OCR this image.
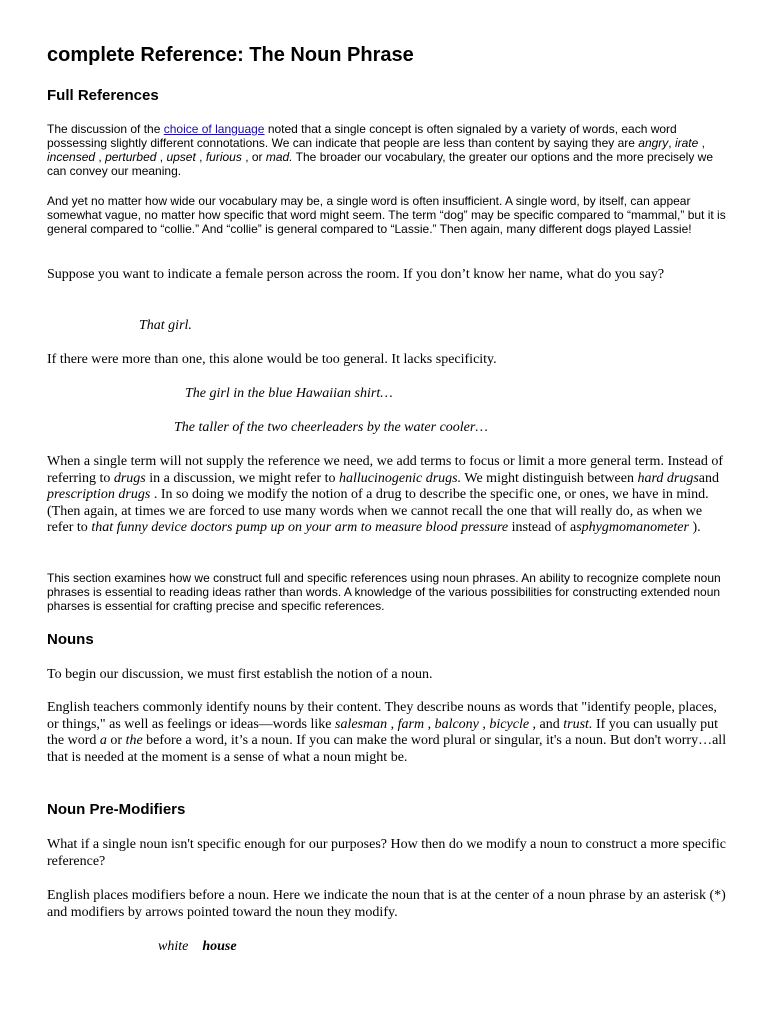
complete Reference: The Noun Phrase
Full References

The discussion of the choice of language noted that a single concept is often signaled by a variety of words, each word possessing slightly different connotations. We can indicate that people are less than content by saying they are angry, irate , incensed , perturbed , upset , furious , or mad. The broader our vocabulary, the greater our options and the more precisely we can convey our meaning.

And yet no matter how wide our vocabulary may be, a single word is often insufficient. A single word, by itself, can appear somewhat vague, no matter how specific that word might seem. The term “dog” may be specific compared to “mammal,” but it is general compared to “collie.” And “collie” is general compared to “Lassie.” Then again, many different dogs played Lassie!

Suppose you want to indicate a female person across the room. If you don’t know her name, what do you say?

That girl.

If there were more than one, this alone would be too general. It lacks specificity.

The girl in the blue Hawaiian shirt…

The taller of the two cheerleaders by the water cooler…

When a single term will not supply the reference we need, we add terms to focus or limit a more general term. Instead of referring to drugs in a discussion, we might refer to hallucinogenic drugs. We might distinguish between hard drugsand prescription drugs . In so doing we modify the notion of a drug to describe the specific one, or ones, we have in mind. (Then again, at times we are forced to use many words when we cannot recall the one that will really do, as when we refer to that funny device doctors pump up on your arm to measure blood pressure instead of asphygmomanometer ).

This section examines how we construct full and specific references using noun phrases. An ability to recognize complete noun phrases is essential to reading ideas rather than words. A knowledge of the various possibilities for constructing extended noun pharses is essential for crafting precise and specific references.

Nouns

To begin our discussion, we must first establish the notion of a noun.

English teachers commonly identify nouns by their content. They describe nouns as words that "identify people, places, or things," as well as feelings or ideas—words like salesman , farm , balcony , bicycle , and trust. If you can usually put the word a or the before a word, it’s a noun. If you can make the word plural or singular, it's a noun. But don't worry…all that is needed at the moment is a sense of what a noun might be.

Noun Pre-Modifiers

What if a single noun isn't specific enough for our purposes? How then do we modify a noun to construct a more specific reference?

English places modifiers before a noun. Here we indicate the noun that is at the center of a noun phrase by an asterisk (*) and modifiers by arrows pointed toward the noun they modify.

white house
